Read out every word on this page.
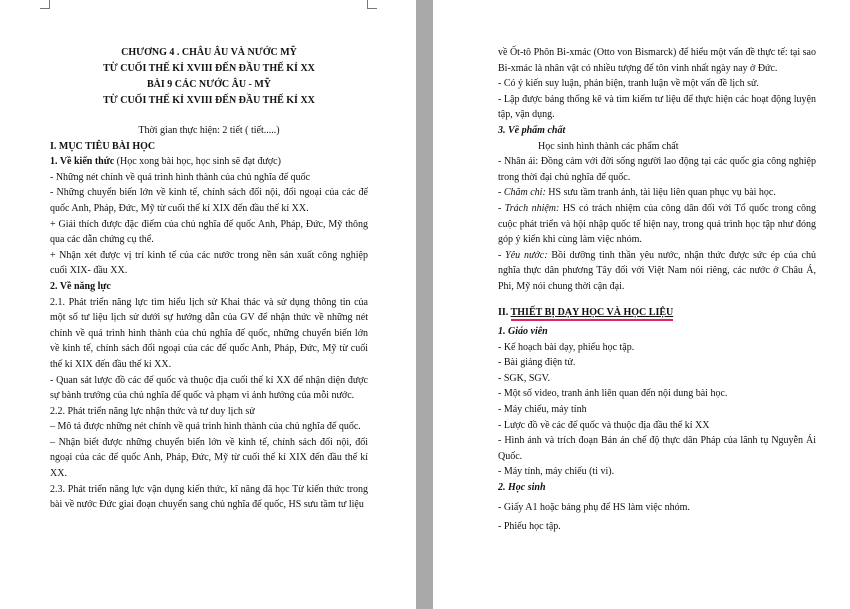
CHƯƠNG 4 . CHÂU ÂU VÀ NƯỚC MỸ

TỪ CUỐI THẾ KỈ XVIII ĐẾN ĐẦU THẾ KỈ XX

BÀI 9 CÁC NƯỚC ÂU - MỸ

TỪ CUỐI THẾ KỈ XVIII ĐẾN ĐẦU THẾ KỈ XX

Thời gian thực hiện: 2 tiết ( tiết.....)

I. MỤC TIÊU BÀI HỌC

1. Về kiến thức (Học xong bài học, học sinh sẽ đạt được)

- Những nét chính về quá trình hình thành của chủ nghĩa đế quốc

- Những chuyển biến lớn về kinh tế, chính sách đối nội, đối ngoại của các đế quốc Anh, Pháp, Đức, Mỹ từ cuối thế kỉ XIX đến đầu thế kỉ XX.

+ Giải thích được đặc điểm của chủ nghĩa đế quốc Anh, Pháp, Đức, Mỹ thông qua các dẫn chứng cụ thể.

+ Nhận xét được vị trí kinh tế của các nước trong nền sản xuất công nghiệp cuối XIX- đầu XX.

2. Về năng lực

2.1. Phát triển năng lực tìm hiểu lịch sử Khai thác và sử dụng thông tin của một số tư liệu lịch sử dưới sự hướng dẫn của GV để nhận thức về những nét chính về quá trình hình thành của chủ nghĩa đế quốc, những chuyển biến lớn về kinh tế, chính sách đối ngoại của các đế quốc Anh, Pháp, Đức, Mỹ từ cuối thế kỉ XIX đến đầu thế kỉ XX.

- Quan sát lược đồ các đế quốc và thuộc địa cuối thế kỉ XX để nhận diện được sự bành trướng của chủ nghĩa đế quốc và phạm vi ảnh hưởng của mỗi nước.

2.2. Phát triển năng lực nhận thức và tư duy lịch sử

– Mô tả được những nét chính về quá trình hình thành của chủ nghĩa đế quốc.

– Nhận biết được những chuyển biến lớn về kinh tế, chính sách đối nội, đối ngoại của các đế quốc Anh, Pháp, Đức, Mỹ từ cuối thế kỉ XIX đến đầu thế kỉ XX.

2.3. Phát triển năng lực vận dụng kiến thức, kĩ năng đã học Từ kiến thức trong bài về nước Đức giai đoạn chuyển sang chủ nghĩa đế quốc, HS sưu tầm tư liệu

về Ốt-tô Phôn Bi-xmác (Otto von Bismarck) để hiểu một vấn đề thực tế: tại sao Bi-xmác là nhân vật có nhiều tượng để tôn vinh nhất ngày nay ở Đức.

- Có ý kiến suy luận, phản biện, tranh luận về một vấn đề lịch sử.

- Lập được bảng thống kê và tìm kiếm tư liệu để thực hiện các hoạt động luyện tập, vận dụng.

3. Về phẩm chất

Học sinh hình thành các phẩm chất

- Nhân ái: Đồng cảm với đời sống người lao động tại các quốc gia công nghiệp trong thời đại chủ nghĩa đế quốc.

- Chăm chỉ: HS sưu tầm tranh ảnh, tài liệu liên quan phục vụ bài học.

- Trách nhiệm: HS có trách nhiệm của công dân đối với Tổ quốc trong công cuộc phát triển và hội nhập quốc tế hiện nay, trong quá trình học tập như đóng góp ý kiến khi cùng làm việc nhóm.

- Yêu nước: Bồi dưỡng tinh thần yêu nước, nhận thức được sức ép của chủ nghĩa thực dân phương Tây đối với Việt Nam nói riêng, các nước ở Châu Á, Phi, Mỹ nói chung thời cận đại.

II. THIẾT BỊ DẠY HỌC VÀ HỌC LIỆU

1. Giáo viên

- Kế hoạch bài dạy, phiếu học tập.

- Bài giảng điện tử.

- SGK, SGV.

- Một số video, tranh ảnh liên quan đến nội dung bài học.

- Máy chiếu, máy tính

- Lược đồ về các đế quốc và thuộc địa đầu thế kỉ XX

- Hình ảnh và trích đoạn Bản án chế độ thực dân Pháp của lãnh tụ Nguyễn Ái Quốc.

- Máy tính, máy chiếu (ti vi).

2. Học sinh

- Giấy A1 hoặc bảng phụ để HS làm việc nhóm.

- Phiếu học tập.
